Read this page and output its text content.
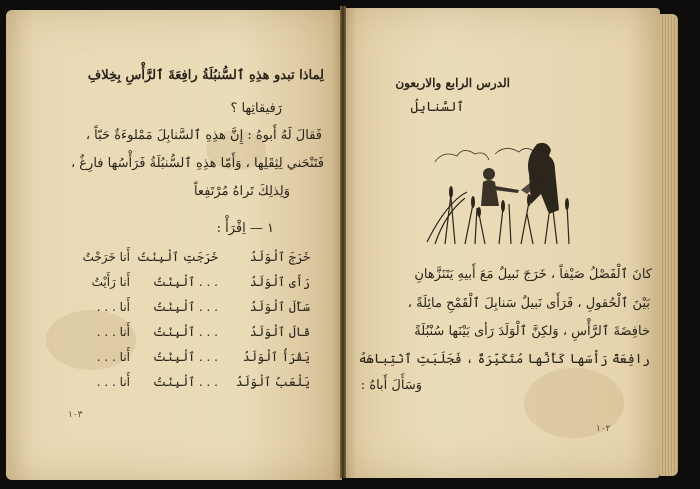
لِماذا تبدو هذِهِ ٱلسُّنبُلَةُ رافِعَةَ ٱلرَّأْسِ بِخِلافِ
رَفيقاتِها ؟
فَقالَ لَهُ أَبوهُ : إِنَّ هذِهِ ٱلسَّنابِلَ مَمْلوءَةٌ حَبّاً ،
فَتَنْحَني لِثِقَلِها ، وَأَمّا هذِهِ ٱلسُّنبُلَةُ فَرَأْسُها فارِغٌ ،
وَلِذلِكَ تَراهُ مُرْتَفِعاً
١ — اِقْرَأْ :
خَرَجَ ٱلْوَلَدُ
خَرَجَتِ ٱلْبِنْتُ
أَنا خَرَجْتُ
رَأَى ٱلْوَلَدُ
. . . ٱلْبِنْتُ
أَنا رَأَيْتُ
سَأَلَ ٱلْوَلَدُ
. . . ٱلْبِنْتُ
أَنا . . .
قالَ ٱلْوَلَدُ
. . . ٱلْبِنْتُ
أَنا . . .
يَقْرَأُ ٱلْوَلَدُ
. . . ٱلْبِنْتُ
أَنا . . .
يَلْعَبُ ٱلْوَلَدُ
. . . ٱلْبِنْتُ
أَنا . . .
١٠٣
الدرس الرابع والاربعون
ٱلسَّنابِلُ
كانَ ٱلْفَصْلُ صَيْفاً ، خَرَجَ نَبيلٌ مَعَ أَبيهِ يَتَنَزَّهانِ
بَيْنَ ٱلْحُقولِ ، فَرَأَى نَبيلٌ سَنابِلَ ٱلْقَمْحِ مائِلَةً ،
خافِضَةَ ٱلرَّأْسِ ، وَلكِنَّ ٱلْوَلَدَ رَأى بَيْنَها سُنْبُلَةً
رافِعَةً رَأْسَها كَأَنَّها مُتَكَبِّرَةٌ ، فَجَلَبَتِ ٱنْتِباهَهُ
وَسَأَلَ أَباهُ :
١٠٢
